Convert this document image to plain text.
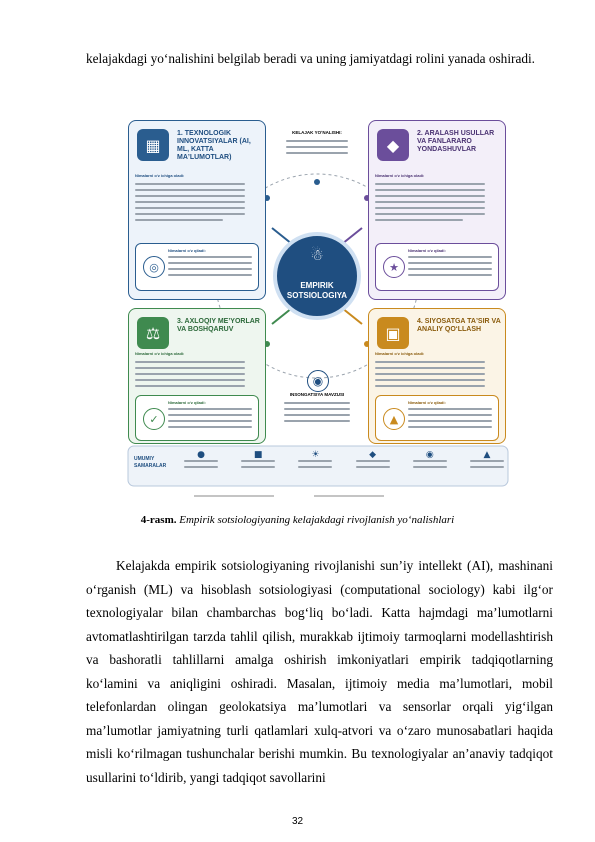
kelajakdagi yoʻnalishini belgilab beradi va uning jamiyatdagi rolini yanada oshiradi.
EMPIRIK SOTSIOLOGIYA
☃
KELAJAK YOʻNALISHI:
INSONGATSIYA MAVZUSI
◉
▦
1. TEXNOLOGIK INNOVATSIYALAR (AI, ML, KATTA MAʼLUMOTLAR)
Nimalarni oʻz ichiga oladi:
◎
Nimalarni oʻz qiladi:
◆
2. ARALASH USULLAR VA FANLARARO YONDASHUVLAR
Nimalarni oʻz ichiga oladi:
★
Nimalarni oʻz qiladi:
⚖
3. AXLOQIY MEʼYORLAR VA BOSHQARUV
Nimalarni oʻz ichiga oladi:
✓
Nimalarni oʻz qiladi:
▣
4. SIYOSATGA TAʼSIR VA ANALIY QOʻLLASH
Nimalarni oʻz ichiga oladi:
▲
Nimalarni oʻz qiladi:
UMUMIY SAMARALAR
●	■	☀	◆	◉	▲
4-rasm. Empirik sotsiologiyaning kelajakdagi rivojlanish yoʻnalishlari
Kelajakda empirik sotsiologiyaning rivojlanishi sunʼiy intellekt (AI), mashinani oʻrganish (ML) va hisoblash sotsiologiyasi (computational sociology) kabi ilgʻor texnologiyalar bilan chambarchas bogʻliq boʻladi. Katta hajmdagi maʼlumotlarni avtomatlashtirilgan tarzda tahlil qilish, murakkab ijtimoiy tarmoqlarni modellashtirish va bashoratli tahlillarni amalga oshirish imkoniyatlari empirik tadqiqotlarning koʻlamini va aniqligini oshiradi. Masalan, ijtimoiy media maʼlumotlari, mobil telefonlardan olingan geolokatsiya maʼlumotlari va sensorlar orqali yigʻilgan maʼlumotlar jamiyatning turli qatlamlari xulq-atvori va oʻzaro munosabatlari haqida misli koʻrilmagan tushunchalar berishi mumkin. Bu texnologiyalar anʼanaviy tadqiqot usullarini toʻldirib, yangi tadqiqot savollarini
32
